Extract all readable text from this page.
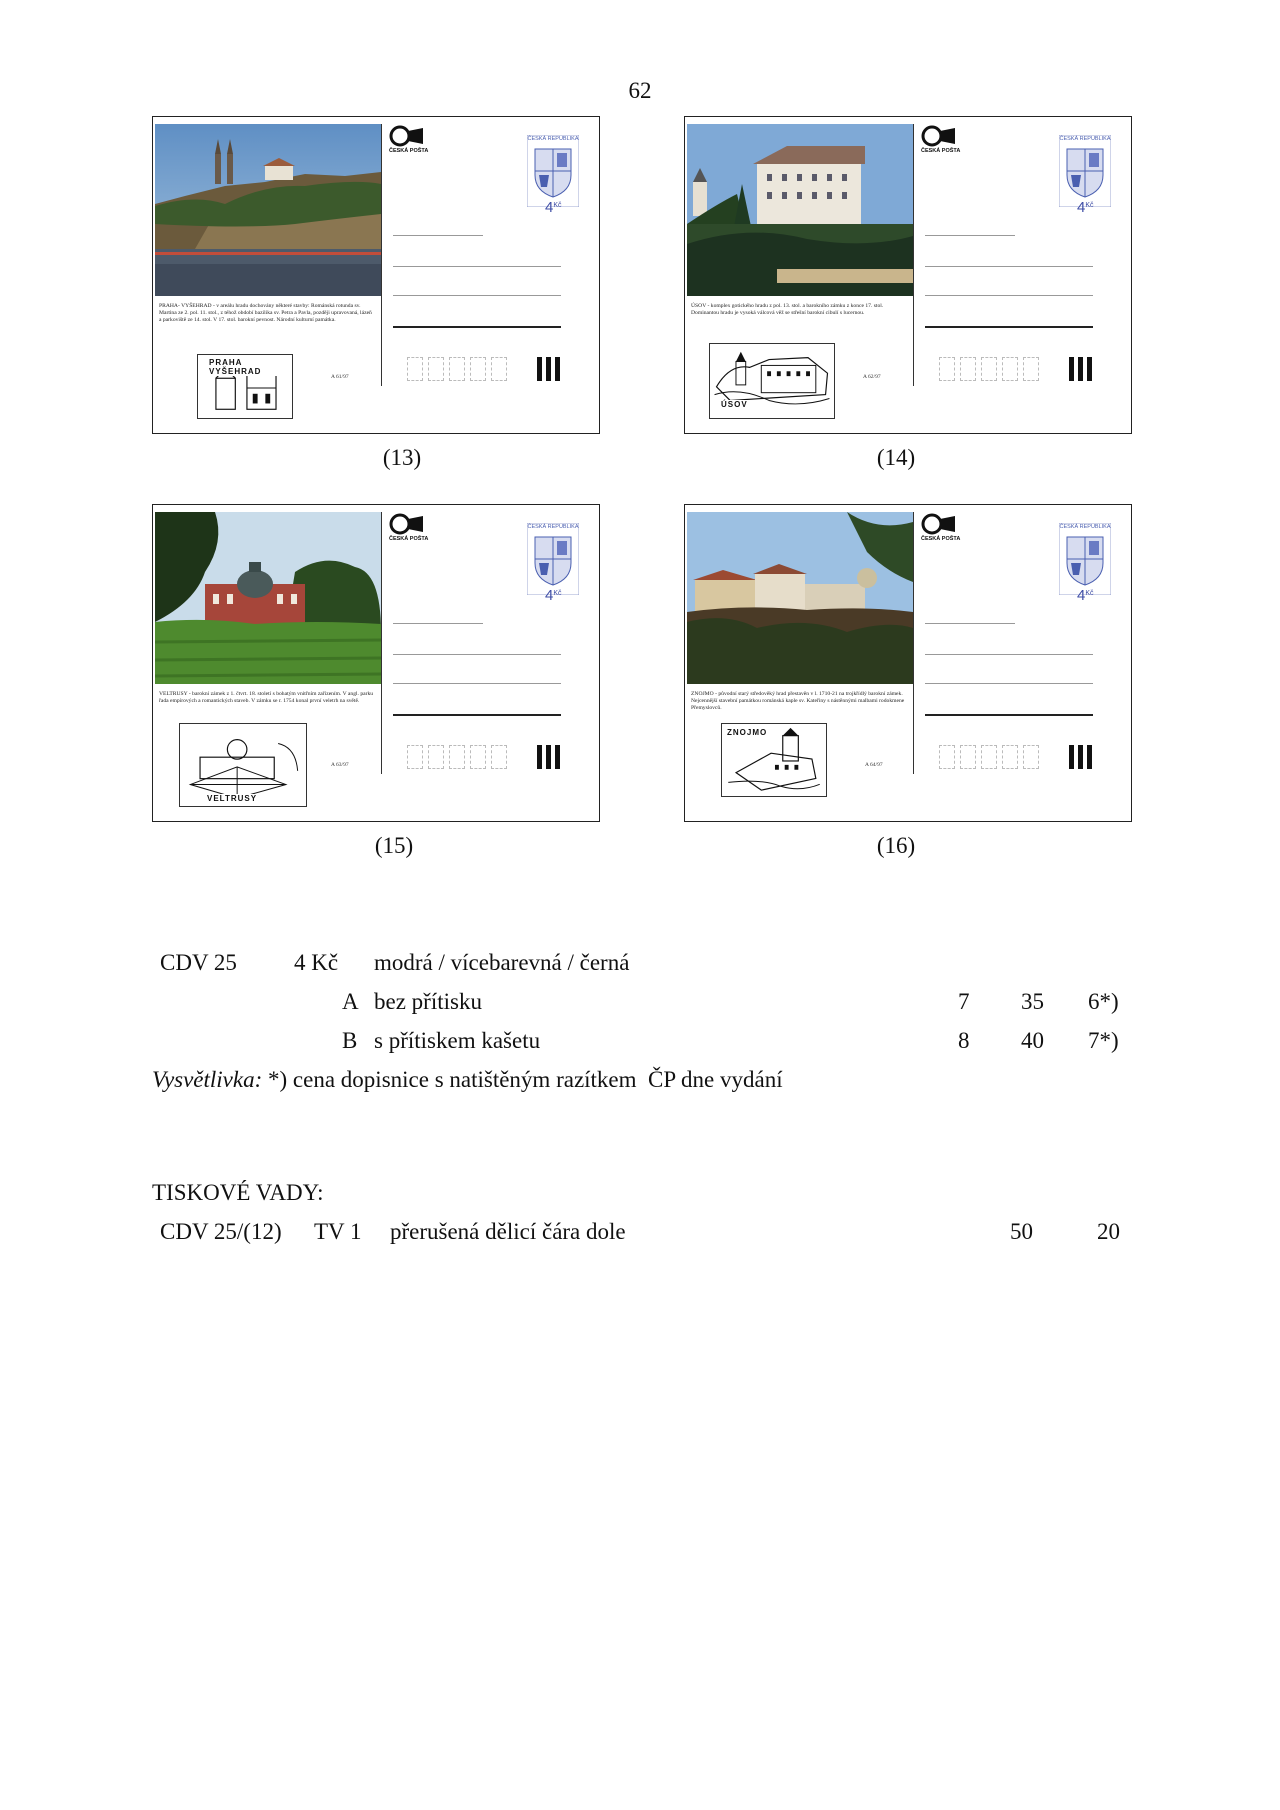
62
PRAHA- VYŠEHRAD - v areálu hradu dochovány některé stavby: Románská rotunda sv. Martina ze 2. pol. 11. stol., z téhož období bazilika sv. Petra a Pavla, později upravovaná, lázeň a parkoviště ze 14. stol. V 17. stol. barokní pevnost. Národní kulturní památka.
PRAHA VYŠEHRAD
A 61/97
ČESKÁ POŠTA
ČESKÁ REPUBLIKA
$4^{Kč}$
ÚSOV - komplex gotického hradu z pol. 13. stol. a barokního zámku z konce 17. stol. Dominantou hradu je vysoká válcová věž se střešní barokní cibulí s lucernou.
ÚSOV
A 62/97
ČESKÁ POŠTA
ČESKÁ REPUBLIKA
$4^{Kč}$
VELTRUSY - barokní zámek z 1. čtvrt. 18. století s bohatým vnitřním zařízením. V angl. parku řada empírových a romantických staveb. V zámku se r. 1754 konal první veletrh na světě.
VELTRUSY
A 63/97
ČESKÁ POŠTA
ČESKÁ REPUBLIKA
$4^{Kč}$
ZNOJMO - původní starý středověký hrad přestavěn v l. 1710-21 na trojkřídlý barokní zámek. Nejcennější stavební památkou románská kaple sv. Kateřiny s nástěnnými malbami rodokmene Přemyslovců.
ZNOJMO
A 64/97
ČESKÁ POŠTA
ČESKÁ REPUBLIKA
$4^{Kč}$
(13)	(14)
(15)	(16)
CDV 25 4 Kč modrá / vícebarevná / černá
A bez přítisku	7 35 6*)
B s přítiskem kašetu	8 40 7*)
Vysvětlivka: *) cena dopisnice s natištěným razítkem  ČP dne vydání
TISKOVÉ VADY:
CDV 25/(12) TV 1 přerušená dělicí čára dole	50	20
